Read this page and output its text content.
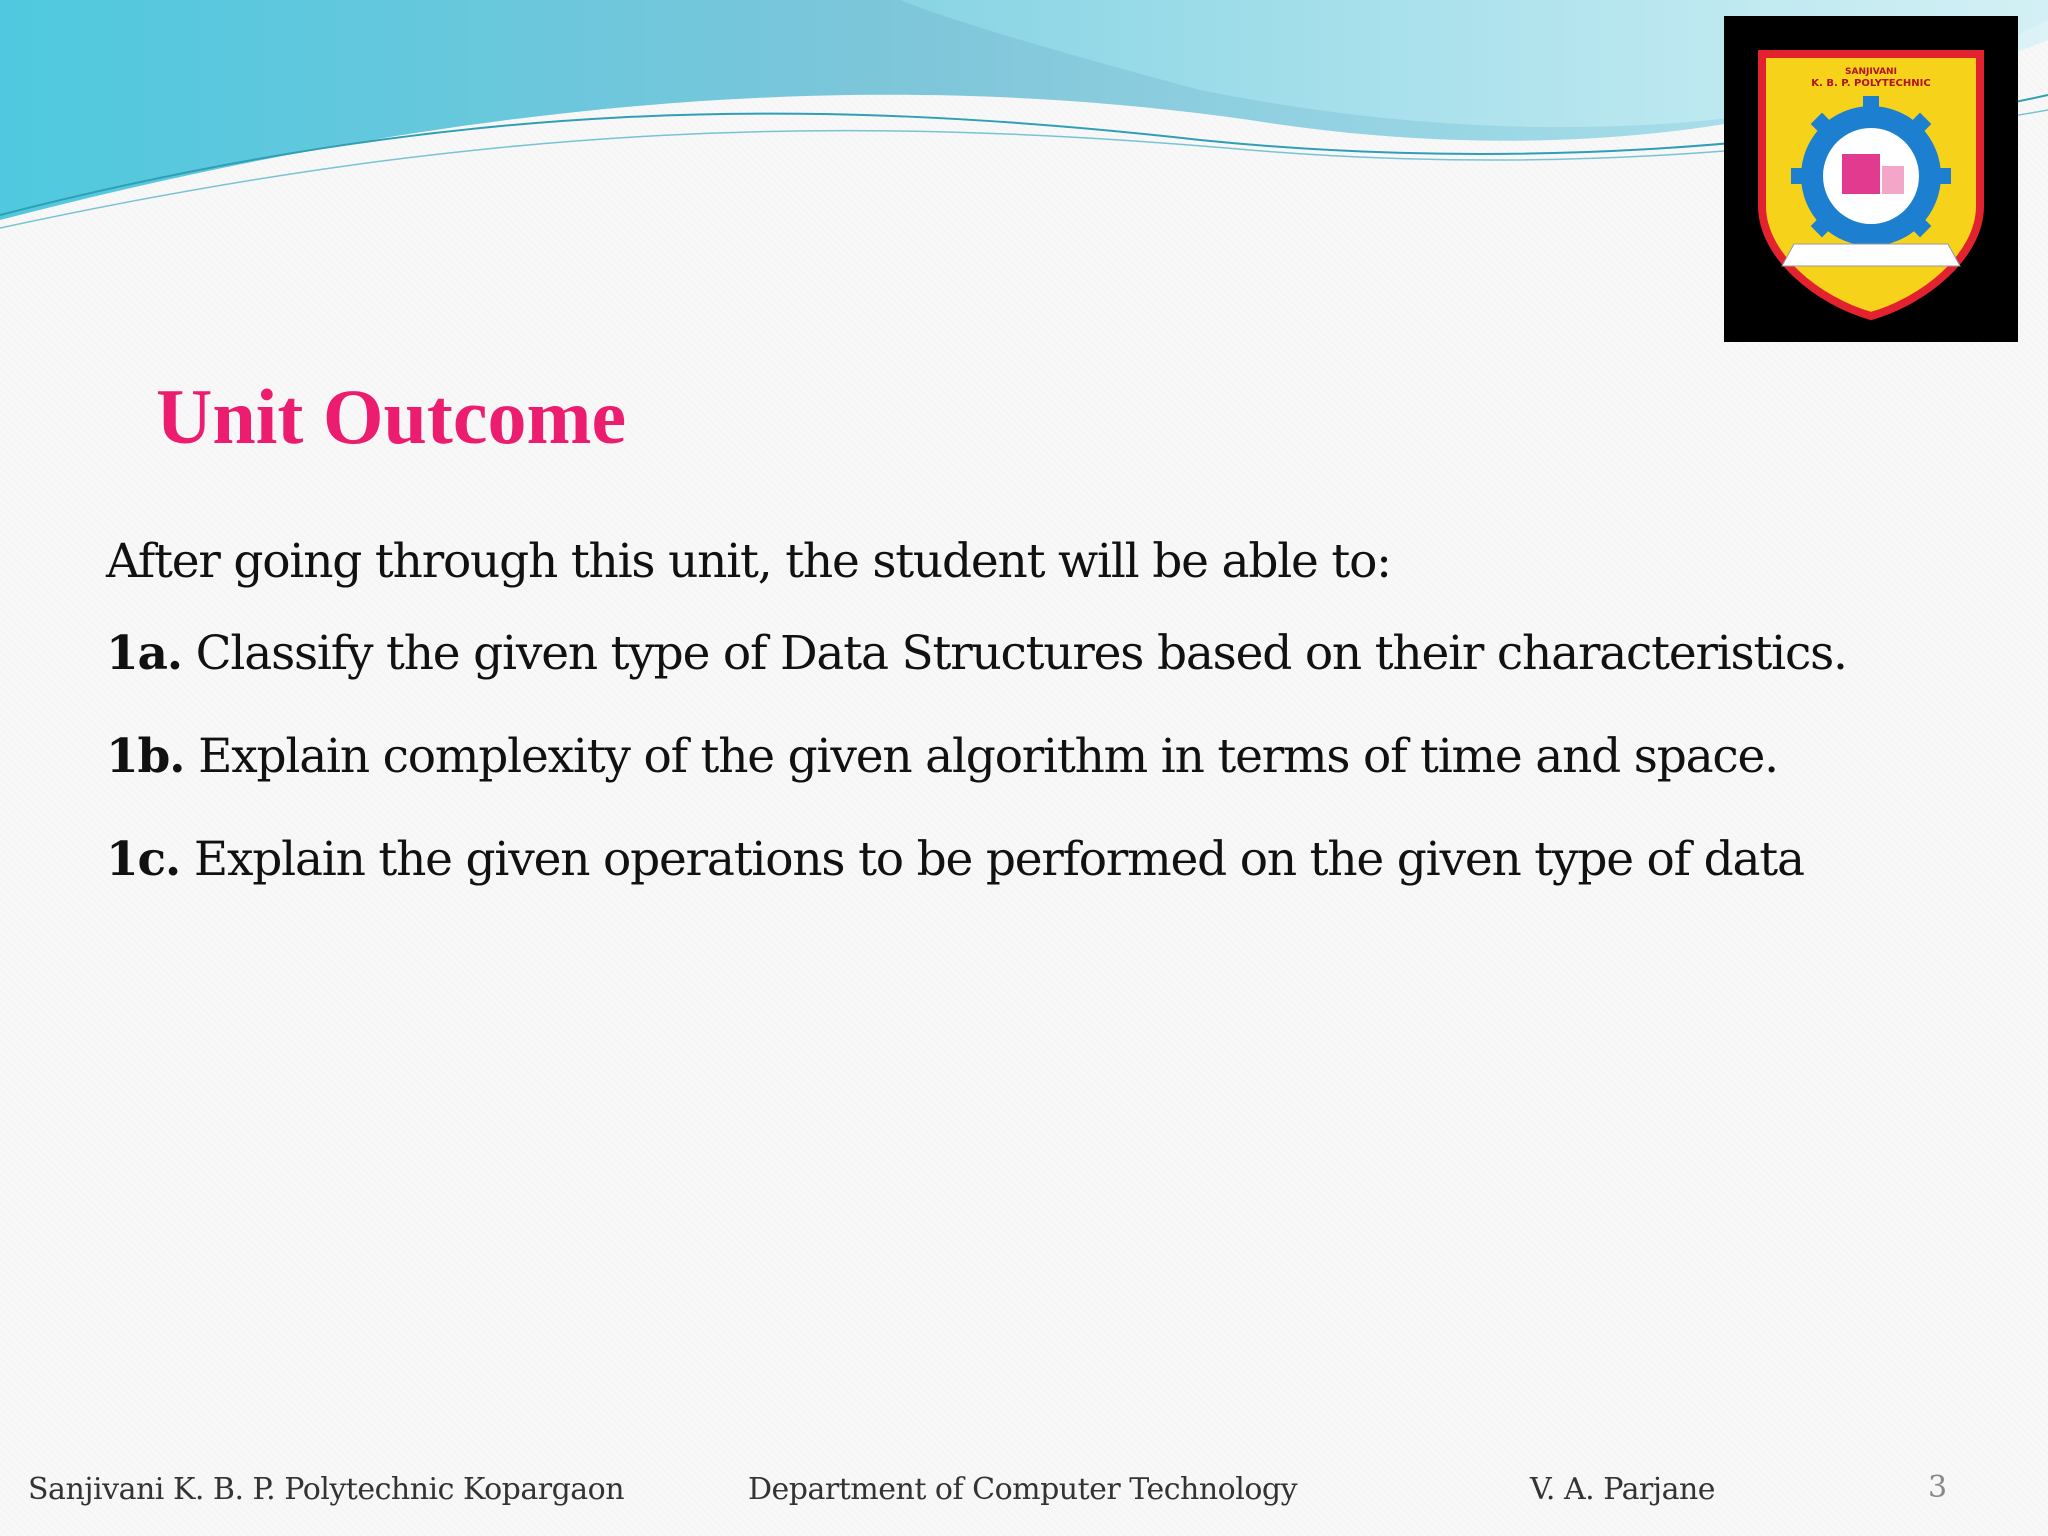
SANJIVANI
K. B. P. POLYTECHNIC
Unit Outcome

After going through this unit, the student will be able to:

1a. Classify the given type of Data Structures based on their characteristics.

1b. Explain complexity of the given algorithm in terms of time and space.

1c. Explain the given operations to be performed on the given type of data

Sanjivani K. B. P. Polytechnic Kopargaon	Department of Computer Technology	V. A. Parjane	3
